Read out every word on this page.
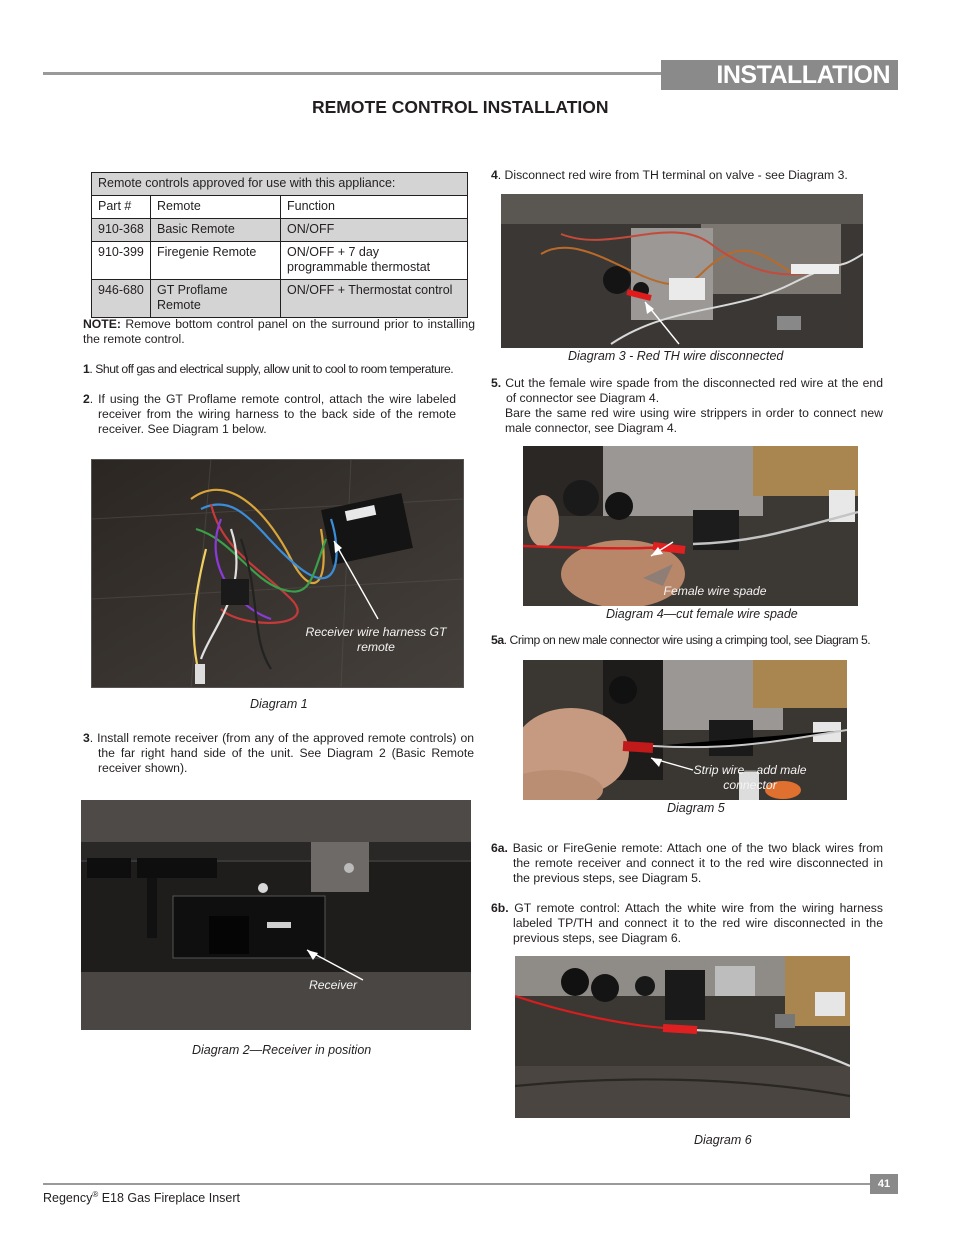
INSTALLATION
REMOTE CONTROL INSTALLATION
Remote controls approved for use with this appliance:		
Part #	Remote	Function
910-368	Basic Remote	ON/OFF
910-399	Firegenie Remote	ON/OFF + 7 day programmable thermostat
946-680	GT Proflame Remote	ON/OFF + Thermostat control

NOTE: Remove bottom control panel on the surround prior to installing the remote control.

1. Shut off gas and electrical supply, allow unit to cool to room temperature.

2. If using the GT Proflame remote control, attach the wire labeled receiver from the wiring harness to the back side of the remote receiver. See Diagram 1 below.

Receiver wire harness GT remote
Diagram 1

3. Install remote receiver (from any of the approved remote controls) on the far right hand side of the unit. See Diagram 2 (Basic Remote receiver shown).

Receiver
Diagram 2—Receiver in position

4. Disconnect red wire from TH terminal on valve - see Diagram 3.

Diagram 3 - Red TH wire disconnected

5. Cut the female wire spade from the disconnected red wire at the end of connector see Diagram 4.

Bare the same red wire using wire strippers in order to connect new male connector, see Diagram 4.

Female wire spade
Diagram 4—cut female wire spade

5a. Crimp on new male connector wire using a crimping tool, see Diagram 5.

Strip wire—add male connector
Diagram 5

6a. Basic or FireGenie remote: Attach one of the two black wires from the remote receiver and connect it to the red wire disconnected in the previous steps, see Diagram 5.

6b. GT remote control: Attach the white wire from the wiring harness labeled TP/TH and connect it to the red wire disconnected in the previous steps, see Diagram 6.

Diagram 6
41
Regency® E18 Gas Fireplace Insert
